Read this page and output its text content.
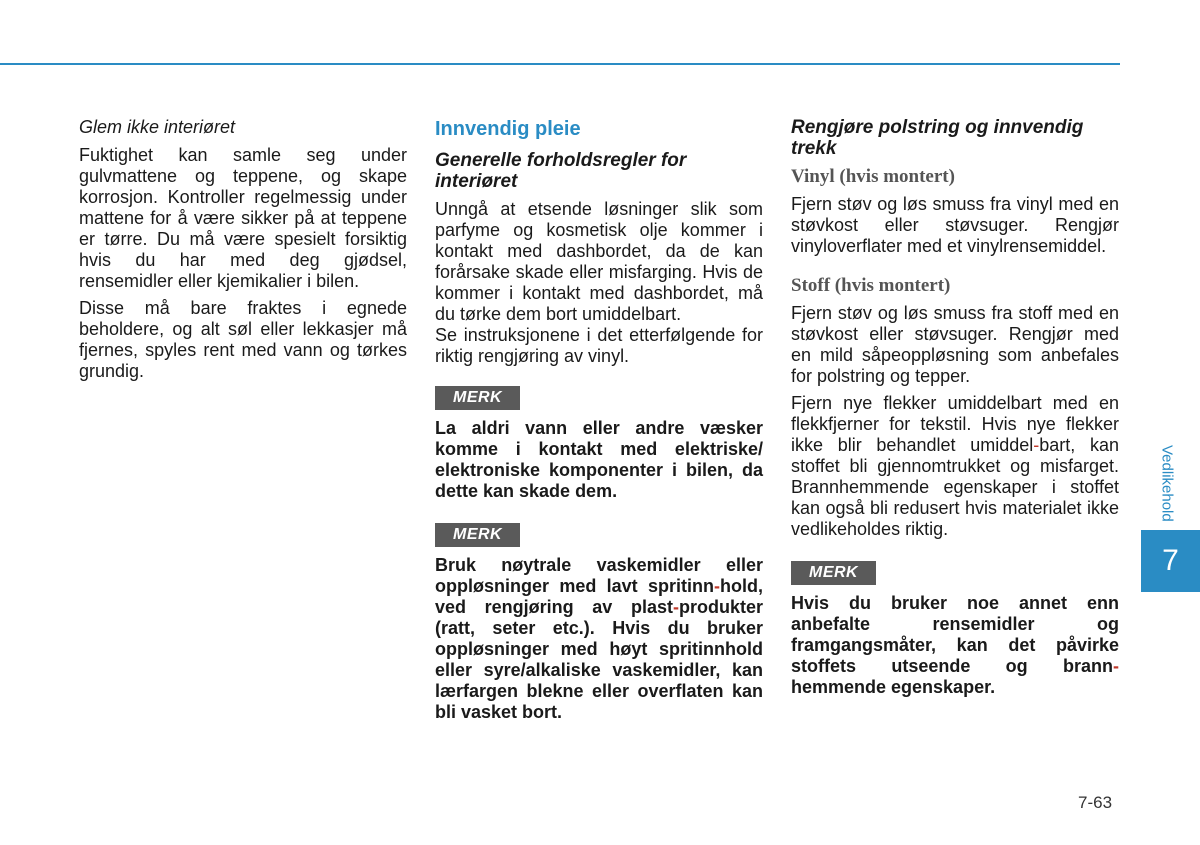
Glem ikke interiøret

Fuktighet kan samle seg under gulvmattene og teppene, og skape korrosjon. Kontroller regelmessig under mattene for å være sikker på at teppene er tørre. Du må være spesielt forsiktig hvis du har med deg gjødsel, rensemidler eller kjemikalier i bilen.

Disse må bare fraktes i egnede beholdere, og alt søl eller lekkasjer må fjernes, spyles rent med vann og tørkes grundig.

Innvendig pleie
Generelle forholdsregler for interiøret

Unngå at etsende løsninger slik som parfyme og kosmetisk olje kommer i kontakt med dashbordet, da de kan forårsake skade eller misfarging. Hvis de kommer i kontakt med dashbordet, må du tørke dem bort umiddelbart.

Se instruksjonene i det etterfølgende for riktig rengjøring av vinyl.

MERK

La aldri vann eller andre væsker komme i kontakt med elektriske/ elektroniske komponenter i bilen, da dette kan skade dem.

MERK

Bruk nøytrale vaskemidler eller oppløsninger med lavt spritinn-hold, ved rengjøring av plast-produkter (ratt, seter etc.). Hvis du bruker oppløsninger med høyt spritinnhold eller syre/alkaliske vaskemidler, kan lærfargen blekne eller overflaten kan bli vasket bort.

Rengjøre polstring og innvendig trekk
Vinyl (hvis montert)

Fjern støv og løs smuss fra vinyl med en støvkost eller støvsuger. Rengjør vinyloverflater med et vinylrensemiddel.

Stoff (hvis montert)

Fjern støv og løs smuss fra stoff med en støvkost eller støvsuger. Rengjør med en mild såpeoppløsning som anbefales for polstring og tepper.

Fjern nye flekker umiddelbart med en flekkfjerner for tekstil. Hvis nye flekker ikke blir behandlet umiddel-bart, kan stoffet bli gjennomtrukket og misfarget. Brannhemmende egenskaper i stoffet kan også bli redusert hvis materialet ikke vedlikeholdes riktig.

MERK

Hvis du bruker noe annet enn anbefalte rensemidler og framgangsmåter, kan det påvirke stoffets utseende og brann-hemmende egenskaper.

Vedlikehold
7
7-63
